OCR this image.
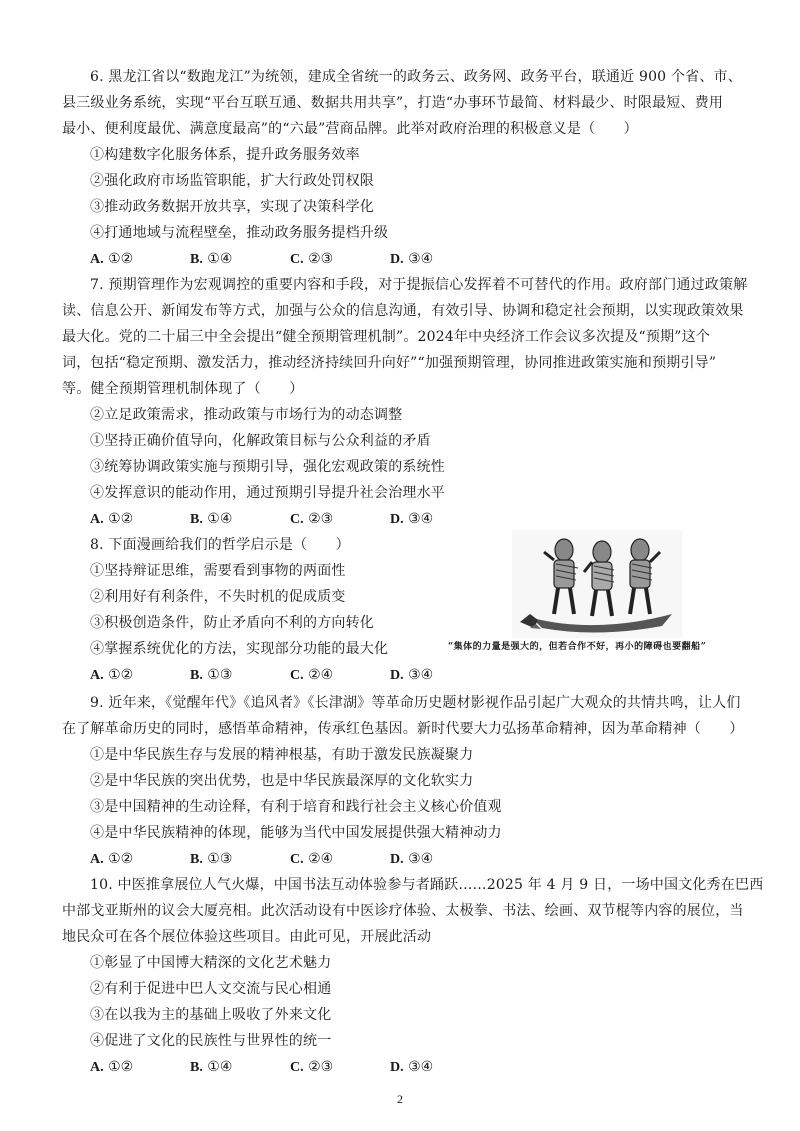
6. 黑龙江省以“数跑龙江”为统领，建成全省统一的政务云、政务网、政务平台，联通近 900 个省、市、
县三级业务系统，实现“平台互联互通、数据共用共享”，打造“办事环节最简、材料最少、时限最短、费用
最小、便利度最优、满意度最高”的“六最”营商品牌。此举对政府治理的积极意义是（　　）
①构建数字化服务体系，提升政务服务效率
②强化政府市场监管职能，扩大行政处罚权限
③推动政务数据开放共享，实现了决策科学化
④打通地域与流程壁垒，推动政务服务提档升级
A. ①②	B. ①④	C. ②③	D. ③④
7. 预期管理作为宏观调控的重要内容和手段，对于提振信心发挥着不可替代的作用。政府部门通过政策解
读、信息公开、新闻发布等方式，加强与公众的信息沟通，有效引导、协调和稳定社会预期，以实现政策效果
最大化。党的二十届三中全会提出“健全预期管理机制”。2024年中央经济工作会议多次提及“预期”这个
词，包括“稳定预期、激发活力，推动经济持续回升向好”“加强预期管理，协同推进政策实施和预期引导”
等。健全预期管理机制体现了（　　）
②立足政策需求，推动政策与市场行为的动态调整
①坚持正确价值导向，化解政策目标与公众利益的矛盾
③统筹协调政策实施与预期引导，强化宏观政策的系统性
④发挥意识的能动作用，通过预期引导提升社会治理水平
A. ①②	B. ①④	C. ②③	D. ③④
8. 下面漫画给我们的哲学启示是（　　）
①坚持辩证思维，需要看到事物的两面性
②利用好有利条件，不失时机的促成质变
③积极创造条件，防止矛盾向不利的方向转化
④掌握系统优化的方法，实现部分功能的最大化
A. ①②	B. ①③	C. ②④	D. ③④
“集体的力量是强大的，但若合作不好，再小的障碍也要翻船”
9. 近年来，《觉醒年代》《追风者》《长津湖》等革命历史题材影视作品引起广大观众的共情共鸣，让人们
在了解革命历史的同时，感悟革命精神，传承红色基因。新时代要大力弘扬革命精神，因为革命精神（　　）
①是中华民族生存与发展的精神根基，有助于激发民族凝聚力
②是中华民族的突出优势，也是中华民族最深厚的文化软实力
③是中国精神的生动诠释，有利于培育和践行社会主义核心价值观
④是中华民族精神的体现，能够为当代中国发展提供强大精神动力
A. ①②	B. ①③	C. ②④	D. ③④
10. 中医推拿展位人气火爆，中国书法互动体验参与者踊跃……2025 年 4 月 9 日，一场中国文化秀在巴西
中部戈亚斯州的议会大厦亮相。此次活动设有中医诊疗体验、太极拳、书法、绘画、双节棍等内容的展位，当
地民众可在各个展位体验这些项目。由此可见，开展此活动
①彰显了中国博大精深的文化艺术魅力
②有利于促进中巴人文交流与民心相通
③在以我为主的基础上吸收了外来文化
④促进了文化的民族性与世界性的统一
A. ①②	B. ①④	C. ②③	D. ③④
2
